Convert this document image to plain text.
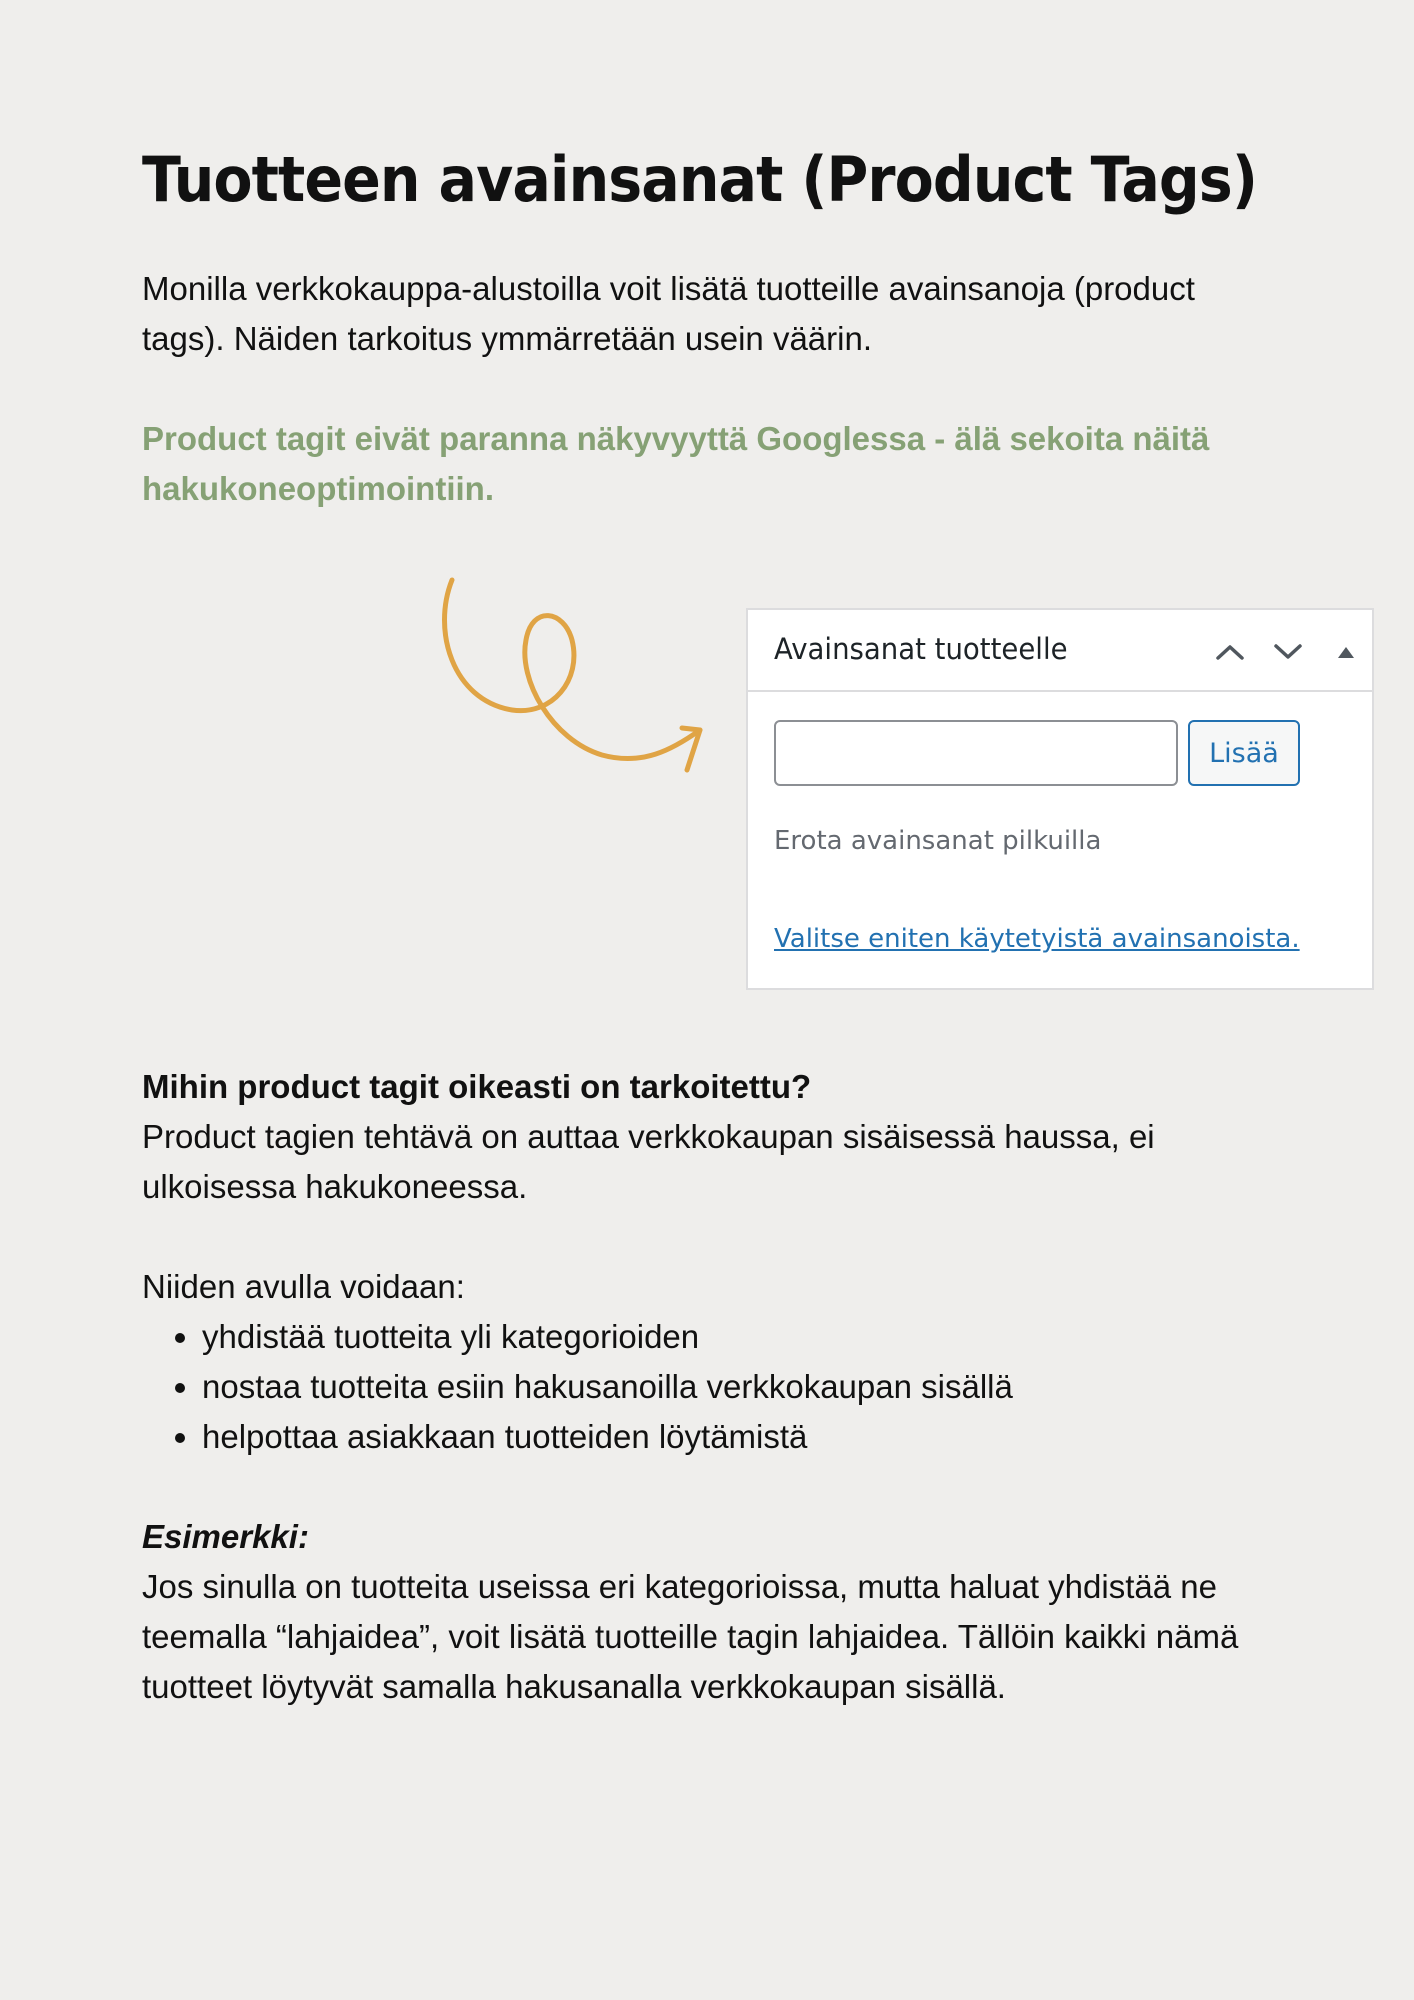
Tuotteen avainsanat (Product Tags)

Monilla verkkokauppa-alustoilla voit lisätä tuotteille avainsanoja (product tags). Näiden tarkoitus ymmärretään usein väärin.

Product tagit eivät paranna näkyvyyttä Googlessa - älä sekoita näitä hakukoneoptimointiin.

Avainsanat tuotteelle
Lisää
Erota avainsanat pilkuilla
Valitse eniten käytetyistä avainsanoista.
Mihin product tagit oikeasti on tarkoitettu?

Product tagien tehtävä on auttaa verkkokaupan sisäisessä haussa, ei ulkoisessa hakukoneessa.

Niiden avulla voidaan:

• yhdistää tuotteita yli kategorioiden
• nostaa tuotteita esiin hakusanoilla verkkokaupan sisällä
• helpottaa asiakkaan tuotteiden löytämistä
Esimerkki:

Jos sinulla on tuotteita useissa eri kategorioissa, mutta haluat yhdistää ne teemalla “lahjaidea”, voit lisätä tuotteille tagin lahjaidea. Tällöin kaikki nämä tuotteet löytyvät samalla hakusanalla verkkokaupan sisällä.
